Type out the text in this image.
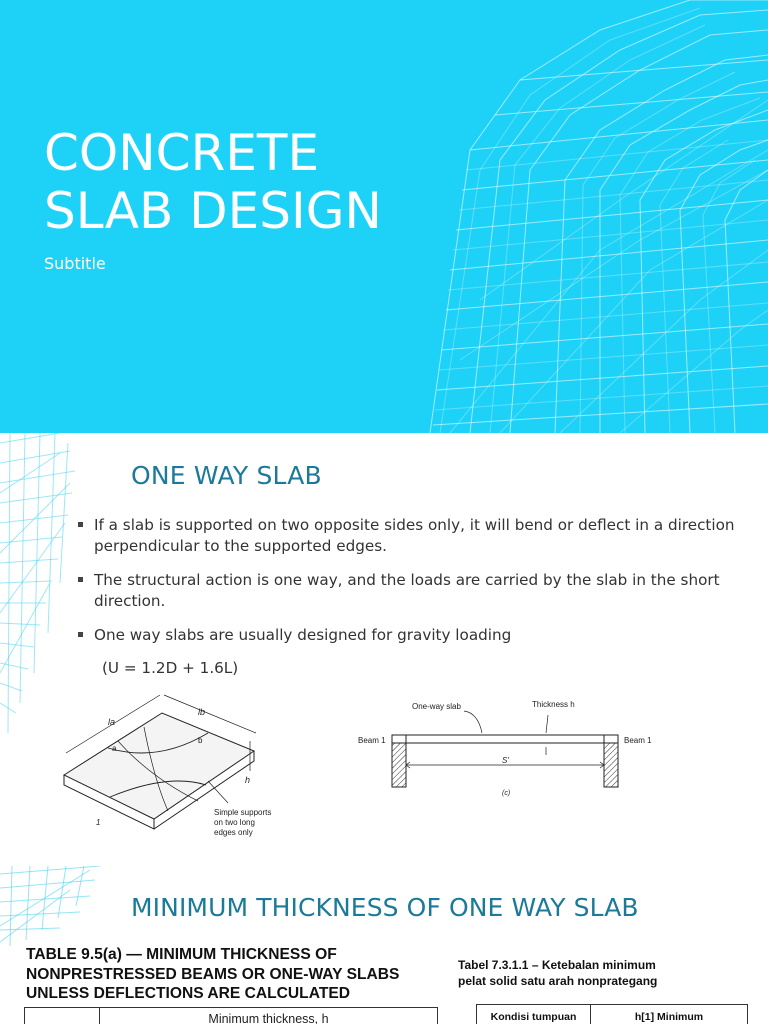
CONCRETE
SLAB DESIGN
Subtitle
ONE WAY SLAB
If a slab is supported on two opposite sides only, it will bend or deflect in a direction perpendicular to the supported edges.
The structural action is one way, and the loads are carried by the slab in the short direction.
One way slabs are usually designed for gravity loading
(U = 1.2D + 1.6L)
la
lb
a
b
h
1
Simple supports
on two long
edges only
One-way slab	Thickness h
Beam 1	Beam 1
S'
(c)
MINIMUM THICKNESS OF ONE WAY SLAB
TABLE 9.5(a) — MINIMUM THICKNESS OF
NONPRESTRESSED BEAMS OR ONE-WAY SLABS
UNLESS DEFLECTIONS ARE CALCULATED
Minimum thickness, h
Tabel 7.3.1.1 – Ketebalan minimum
pelat solid satu arah nonprategang
Kondisi tumpuan	h[1] Minimum
